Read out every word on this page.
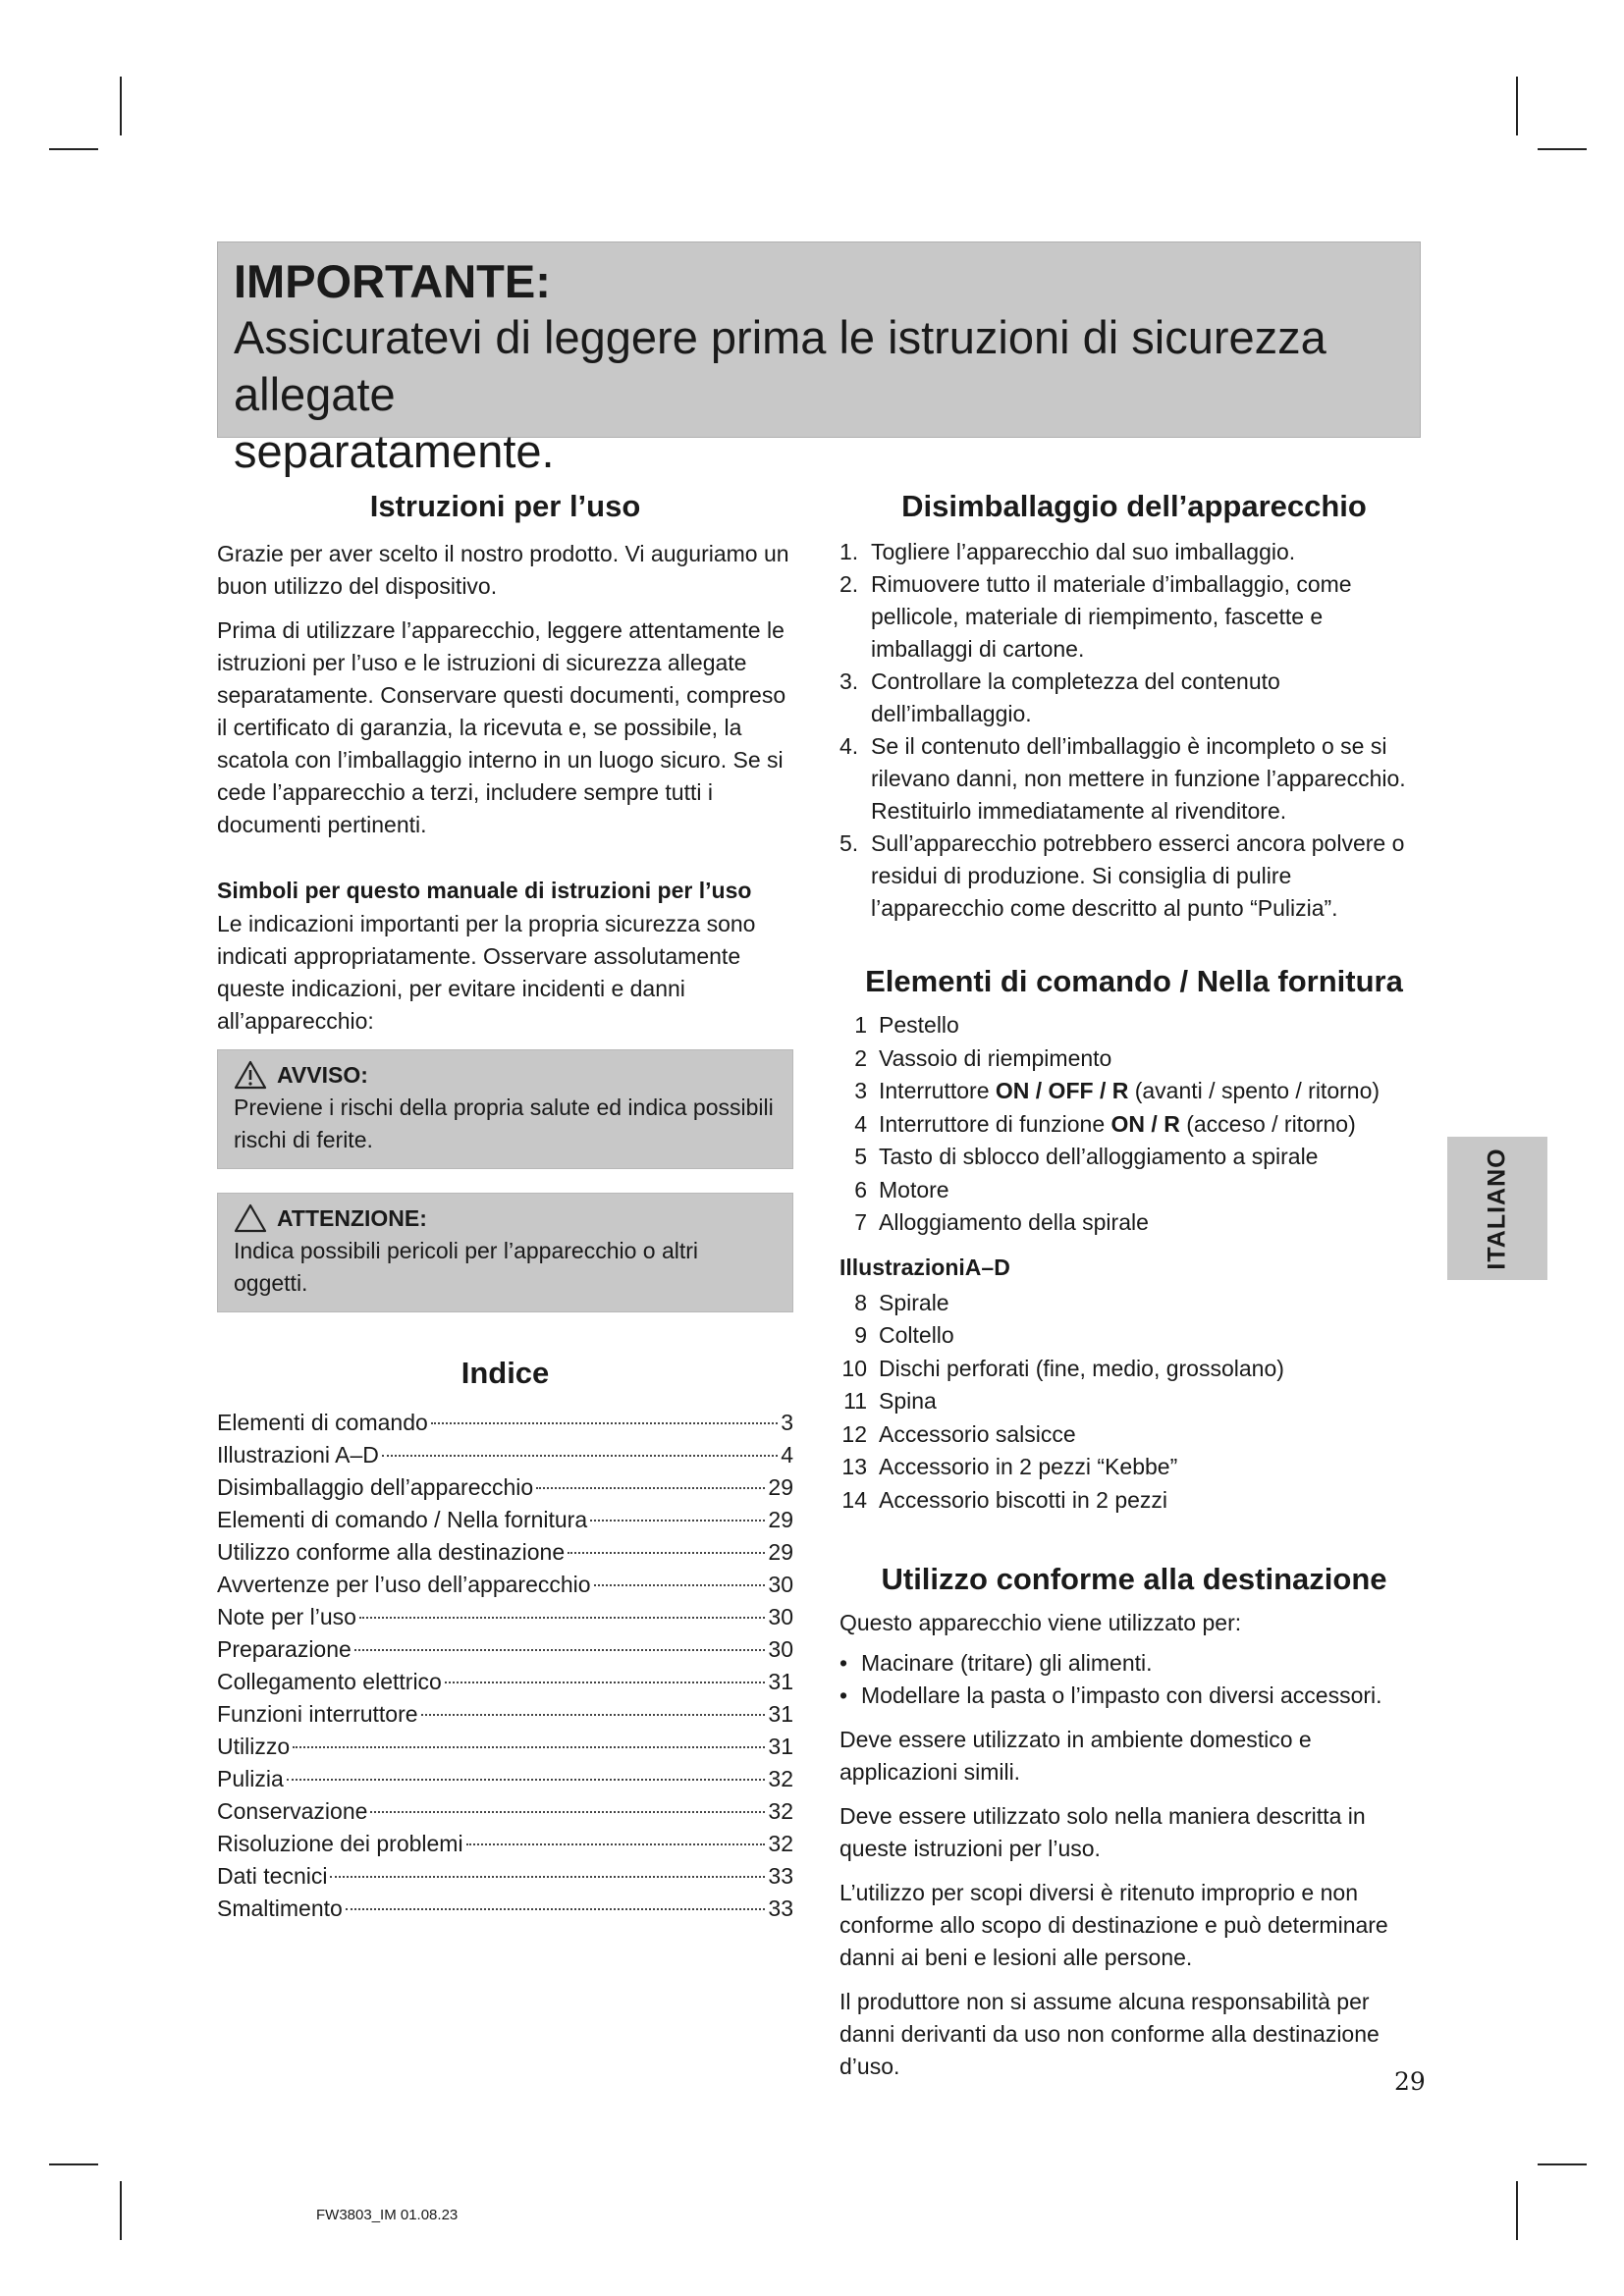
IMPORTANTE:
Assicuratevi di leggere prima le istruzioni di sicurezza allegate
separatamente.
Istruzioni per l’uso

Grazie per aver scelto il nostro prodotto. Vi auguriamo un buon utilizzo del dispositivo.

Prima di utilizzare l’apparecchio, leggere attentamente le istruzioni per l’uso e le istruzioni di sicurezza allegate separatamente. Conservare questi documenti, compreso il certificato di garanzia, la ricevuta e, se possibile, la scatola con l’imballaggio interno in un luogo sicuro. Se si cede l’apparecchio a terzi, includere sempre tutti i documenti pertinenti.

Simboli per questo manuale di istruzioni per l’uso

Le indicazioni importanti per la propria sicurezza sono indicati appropriatamente. Osservare assolutamente queste indicazioni, per evitare incidenti e danni all’apparecchio:

AVVISO:

Previene i rischi della propria salute ed indica possibili rischi di ferite.

ATTENZIONE:

Indica possibili pericoli per l’apparecchio o altri oggetti.

Indice
Elementi di comando	3
Illustrazioni A–D	4
Disimballaggio dell’apparecchio	29
Elementi di comando / Nella fornitura	29
Utilizzo conforme alla destinazione	29
Avvertenze per l’uso dell’apparecchio	30
Note per l’uso	30
Preparazione	30
Collegamento elettrico	31
Funzioni interruttore	31
Utilizzo	31
Pulizia	32
Conservazione	32
Risoluzione dei problemi	32
Dati tecnici	33
Smaltimento	33
Disimballaggio dell’apparecchio
1. Togliere l’apparecchio dal suo imballaggio.
2. Rimuovere tutto il materiale d’imballaggio, come pellicole, materiale di riempimento, fascette e imballaggi di cartone.
3. Controllare la completezza del contenuto dell’imballaggio.
4. Se il contenuto dell’imballaggio è incompleto o se si rilevano danni, non mettere in funzione l’apparecchio. Restituirlo immediatamente al rivenditore.
5. Sull’apparecchio potrebbero esserci ancora polvere o residui di produzione. Si consiglia di pulire l’apparecchio come descritto al punto “Pulizia”.
Elementi di comando / Nella fornitura
1 Pestello
2 Vassoio di riempimento
3 Interruttore ON / OFF / R (avanti / spento / ritorno)
4 Interruttore di funzione ON / R (acceso / ritorno)
5 Tasto di sblocco dell’alloggiamento a spirale
6 Motore
7 Alloggiamento della spirale
IllustrazioniA–D
8 Spirale
9 Coltello
10 Dischi perforati (fine, medio, grossolano)
11 Spina
12 Accessorio salsicce
13 Accessorio in 2 pezzi “Kebbe”
14 Accessorio biscotti in 2 pezzi
Utilizzo conforme alla destinazione

Questo apparecchio viene utilizzato per:

• Macinare (tritare) gli alimenti.
• Modellare la pasta o l’impasto con diversi accessori.

Deve essere utilizzato in ambiente domestico e applicazioni simili.

Deve essere utilizzato solo nella maniera descritta in queste istruzioni per l’uso.

L’utilizzo per scopi diversi è ritenuto improprio e non conforme allo scopo di destinazione e può determinare danni ai beni e lesioni alle persone.

Il produttore non si assume alcuna responsabilità per danni derivanti da uso non conforme alla destinazione d’uso.

ITALIANO
29
FW3803_IM 01.08.23
